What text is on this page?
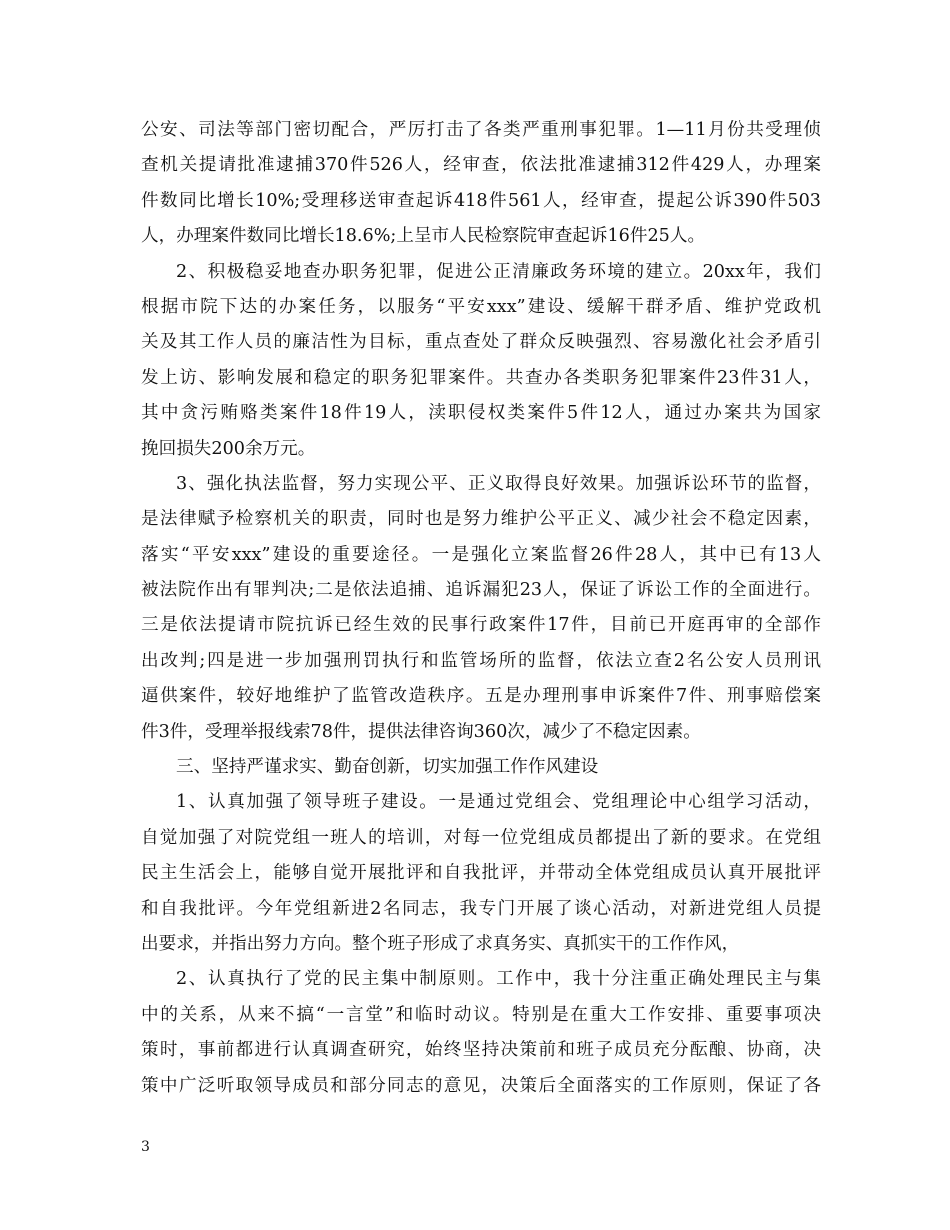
公安、司法等部门密切配合，严厉打击了各类严重刑事犯罪。1—11月份共受理侦
查机关提请批准逮捕370件526人，经审查，依法批准逮捕312件429人，办理案
件数同比增长10%;受理移送审查起诉418件561人，经审查，提起公诉390件503
人，办理案件数同比增长18.6%;上呈市人民检察院审查起诉16件25人。
2、积极稳妥地查办职务犯罪，促进公正清廉政务环境的建立。20xx年，我们
根据市院下达的办案任务，以服务“平安xxx”建设、缓解干群矛盾、维护党政机
关及其工作人员的廉洁性为目标，重点查处了群众反映强烈、容易激化社会矛盾引
发上访、影响发展和稳定的职务犯罪案件。共查办各类职务犯罪案件23件31人，
其中贪污贿赂类案件18件19人，渎职侵权类案件5件12人，通过办案共为国家
挽回损失200余万元。
3、强化执法监督，努力实现公平、正义取得良好效果。加强诉讼环节的监督，
是法律赋予检察机关的职责，同时也是努力维护公平正义、减少社会不稳定因素，
落实“平安xxx”建设的重要途径。一是强化立案监督26件28人，其中已有13人
被法院作出有罪判决;二是依法追捕、追诉漏犯23人，保证了诉讼工作的全面进行。
三是依法提请市院抗诉已经生效的民事行政案件17件，目前已开庭再审的全部作
出改判;四是进一步加强刑罚执行和监管场所的监督，依法立查2名公安人员刑讯
逼供案件，较好地维护了监管改造秩序。五是办理刑事申诉案件7件、刑事赔偿案
件3件，受理举报线索78件，提供法律咨询360次，减少了不稳定因素。
三、坚持严谨求实、勤奋创新，切实加强工作作风建设
1、认真加强了领导班子建设。一是通过党组会、党组理论中心组学习活动，
自觉加强了对院党组一班人的培训，对每一位党组成员都提出了新的要求。在党组
民主生活会上，能够自觉开展批评和自我批评，并带动全体党组成员认真开展批评
和自我批评。今年党组新进2名同志，我专门开展了谈心活动，对新进党组人员提
出要求，并指出努力方向。整个班子形成了求真务实、真抓实干的工作作风，
2、认真执行了党的民主集中制原则。工作中，我十分注重正确处理民主与集
中的关系，从来不搞“一言堂”和临时动议。特别是在重大工作安排、重要事项决
策时，事前都进行认真调查研究，始终坚持决策前和班子成员充分酝酿、协商，决
策中广泛听取领导成员和部分同志的意见，决策后全面落实的工作原则，保证了各
3
